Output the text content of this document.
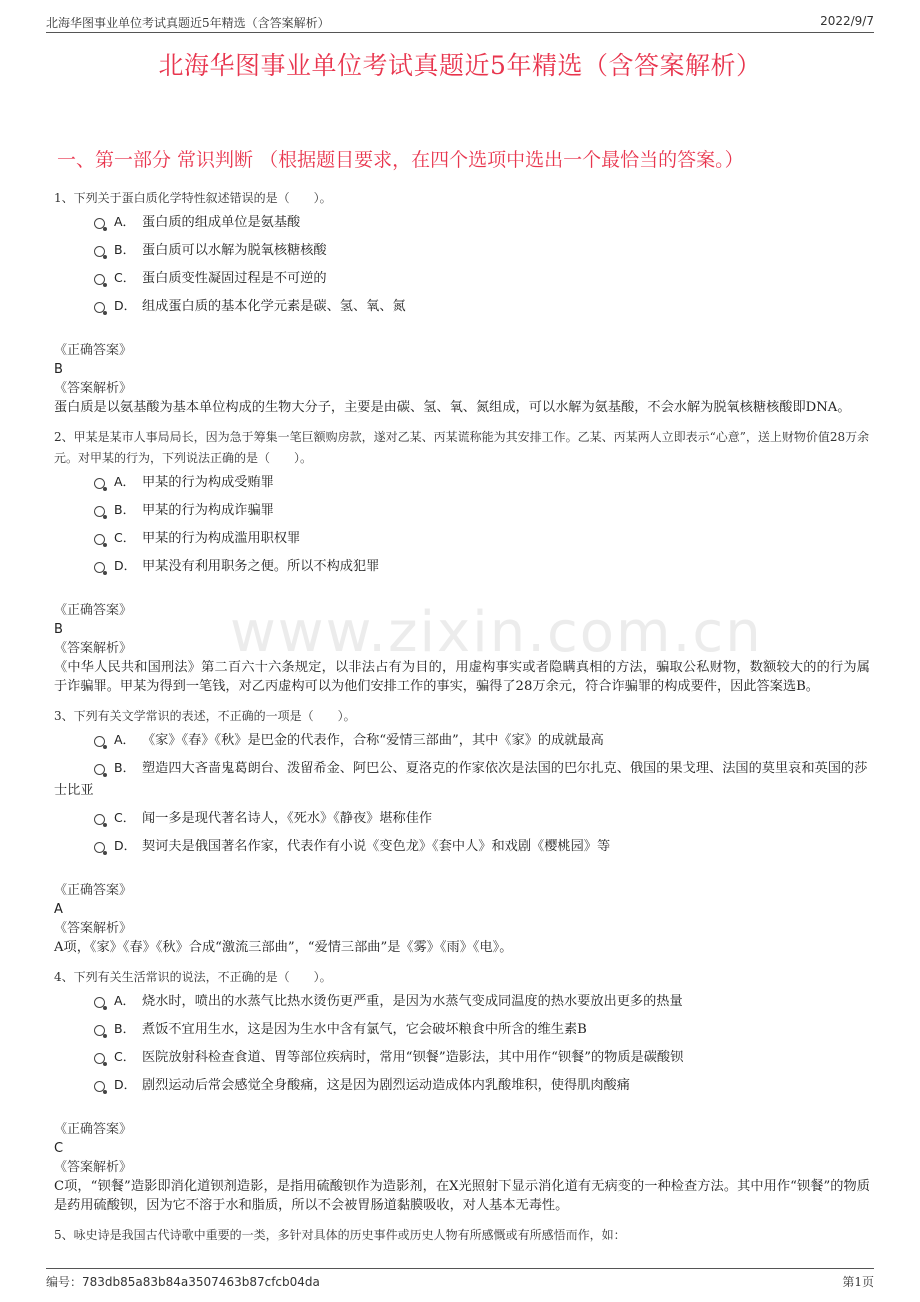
北海华图事业单位考试真题近5年精选（含答案解析）	2022/9/7
北海华图事业单位考试真题近5年精选（含答案解析）
一、第一部分 常识判断 （根据题目要求，在四个选项中选出一个最恰当的答案。）
www.zixin.com.cn
1、下列关于蛋白质化学特性叙述错误的是（　　）。
A． 蛋白质的组成单位是氨基酸
B． 蛋白质可以水解为脱氧核糖核酸
C． 蛋白质变性凝固过程是不可逆的
D． 组成蛋白质的基本化学元素是碳、氢、氧、氮
《正确答案》
B
《答案解析》
蛋白质是以氨基酸为基本单位构成的生物大分子，主要是由碳、氢、氧、氮组成，可以水解为氨基酸，不会水解为脱氧核糖核酸即DNA。
2、甲某是某市人事局局长，因为急于筹集一笔巨额购房款，遂对乙某、丙某谎称能为其安排工作。乙某、丙某两人立即表示“心意”，送上财物价值28万余元。对甲某的行为，下列说法正确的是（　　）。
A． 甲某的行为构成受贿罪
B． 甲某的行为构成诈骗罪
C． 甲某的行为构成滥用职权罪
D． 甲某没有利用职务之便。所以不构成犯罪
《正确答案》
B
《答案解析》
《中华人民共和国刑法》第二百六十六条规定，以非法占有为目的，用虚构事实或者隐瞒真相的方法，骗取公私财物，数额较大的的行为属于诈骗罪。甲某为得到一笔钱，对乙丙虚构可以为他们安排工作的事实，骗得了28万余元，符合诈骗罪的构成要件，因此答案选B。
3、下列有关文学常识的表述，不正确的一项是（　　）。
A． 《家》《春》《秋》是巴金的代表作，合称“爱情三部曲”，其中《家》的成就最高
B． 塑造四大吝啬鬼葛朗台、泼留希金、阿巴公、夏洛克的作家依次是法国的巴尔扎克、俄国的果戈理、法国的莫里哀和英国的莎士比亚
C． 闻一多是现代著名诗人，《死水》《静夜》堪称佳作
D． 契诃夫是俄国著名作家，代表作有小说《变色龙》《套中人》和戏剧《樱桃园》等
《正确答案》
A
《答案解析》
A项，《家》《春》《秋》合成“激流三部曲”，“爱情三部曲”是《雾》《雨》《电》。
4、下列有关生活常识的说法，不正确的是（　　）。
A． 烧水时，喷出的水蒸气比热水烫伤更严重，是因为水蒸气变成同温度的热水要放出更多的热量
B． 煮饭不宜用生水，这是因为生水中含有氯气，它会破坏粮食中所含的维生素B
C． 医院放射科检查食道、胃等部位疾病时，常用“钡餐”造影法，其中用作“钡餐”的物质是碳酸钡
D． 剧烈运动后常会感觉全身酸痛，这是因为剧烈运动造成体内乳酸堆积，使得肌肉酸痛
《正确答案》
C
《答案解析》
C项，“钡餐”造影即消化道钡剂造影，是指用硫酸钡作为造影剂，在X光照射下显示消化道有无病变的一种检查方法。其中用作“钡餐”的物质是药用硫酸钡，因为它不溶于水和脂质，所以不会被胃肠道黏膜吸收，对人基本无毒性。
5、咏史诗是我国古代诗歌中重要的一类，多针对具体的历史事件或历史人物有所感慨或有所感悟而作，如：
编号：783db85a83b84a3507463b87cfcb04da	第1页
